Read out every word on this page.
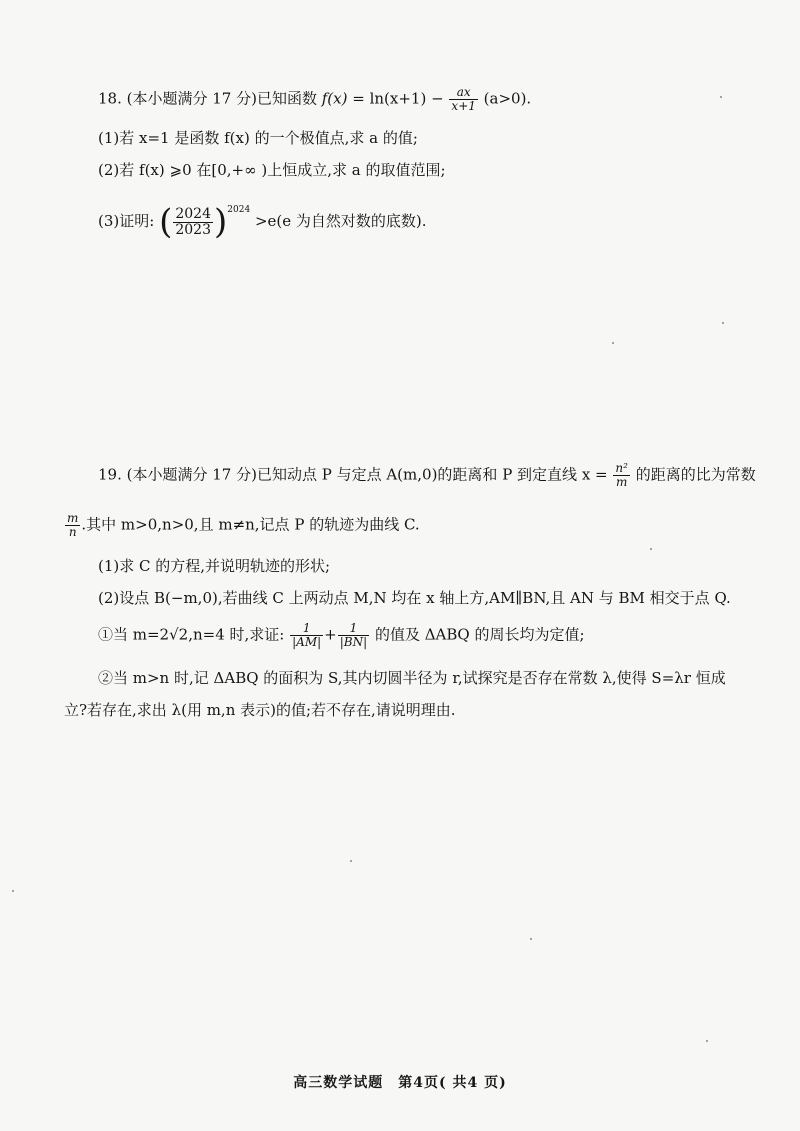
18. (本小题满分 17 分)已知函数 $f(x) = \ln(x+1) - \frac{ax}{x+1} (a>0)$.
(1)若 x=1 是函数 f(x) 的一个极值点,求 a 的值;
(2)若 f(x) ⩾0 在[0,+∞ )上恒成立,求 a 的取值范围;
(3)证明: ( $\frac{2024}{2023} )^{2024} >e(e$ 为自然对数的底数).
19. (本小题满分 17 分)已知动点 P 与定点 A(m,0)的距离和 P 到定直线 $x = \frac{\text{n²}}{m}$ 的距离的比为常数
$\frac{m}{n}$ .其中 m>0,n>0,且 m≠n,记点 P 的轨迹为曲线 C.
(1)求 C 的方程,并说明轨迹的形状;
(2)设点 B(−m,0),若曲线 C 上两动点 M,N 均在 x 轴上方,AM∥BN,且 AN 与 BM 相交于点 Q.
①当 m=2√2,n=4 时,求证: $\frac{1}{|AM|} + \frac{1}{|BN|}$ 的值及 ΔABQ 的周长均为定值;
②当 m>n 时,记 ΔABQ 的面积为 S,其内切圆半径为 r,试探究是否存在常数 λ,使得 S=λr 恒成
立?若存在,求出 λ(用 m,n 表示)的值;若不存在,请说明理由.
高三数学试题　第4页( 共4 页)
